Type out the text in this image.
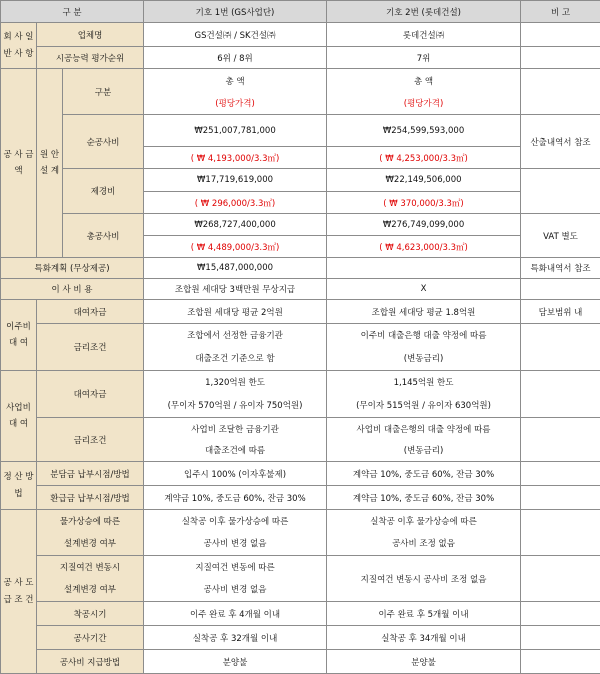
구 분			기호 1번 (GS사업단)	기호 2번 (롯데건설)	비 고
회 사 일 반 사 항	업체명		GS건설㈜ / SK건설㈜	롯데건설㈜	
	시공능력 평가순위		6위 / 8위	7위	
공 사 금 액	원 안 설 계	구분	총 액	총 액	
			(평당가격)	(평당가격)	
		순공사비	₩251,007,781,000	₩254,599,593,000	산출내역서 참조
			( ₩ 4,193,000/3.3㎡)	( ₩ 4,253,000/3.3㎡)	
		제경비	₩17,719,619,000	₩22,149,506,000	
			( ₩ 296,000/3.3㎡)	( ₩ 370,000/3.3㎡)	
		총공사비	₩268,727,400,000	₩276,749,099,000	VAT 별도
			( ₩ 4,489,000/3.3㎡)	( ₩ 4,623,000/3.3㎡)	
특화계획 (무상제공)			₩15,487,000,000		특화내역서 참조
이 사 비 용			조합원 세대당 3백만원 무상지급	X	
이주비 대 여	대여자금		조합원 세대당 평균 2억원	조합원 세대당 평균 1.8억원	담보범위 내
	금리조건		조합에서 선정한 금융기관	이주비 대출은행 대출 약정에 따름	
			대출조건 기준으로 함	(변동금리)	
사업비 대 여	대여자금		1,320억원 한도	1,145억원 한도	
			(무이자 570억원 / 유이자 750억원)	(무이자 515억원 / 유이자 630억원)	
	금리조건		사업비 조달한 금융기관	사업비 대출은행의 대출 약정에 따름	
			대출조건에 따름	(변동금리)	
정 산 방 법	분담금 납부시점/방법		입주시 100% (이자후불제)	계약금 10%, 중도금 60%, 잔금 30%	
	환급금 납부시점/방법		계약금 10%, 중도금 60%, 잔금 30%	계약금 10%, 중도금 60%, 잔금 30%	
공 사 도 급 조 건	물가상승에 따른		실착공 이후 물가상승에 따른	실착공 이후 물가상승에 따른	
	설계변경 여부		공사비 변경 없음	공사비 조정 없음	
	지질여건 변동시		지질여건 변동에 따른	지질여건 변동시 공사비 조정 없음	
	설계변경 여부		공사비 변경 없음		
	착공시기		이주 완료 후 4개월 이내	이주 완료 후 5개월 이내	
	공사기간		실착공 후 32개월 이내	실착공 후 34개월 이내	
	공사비 지급방법		분양불	분양불	
